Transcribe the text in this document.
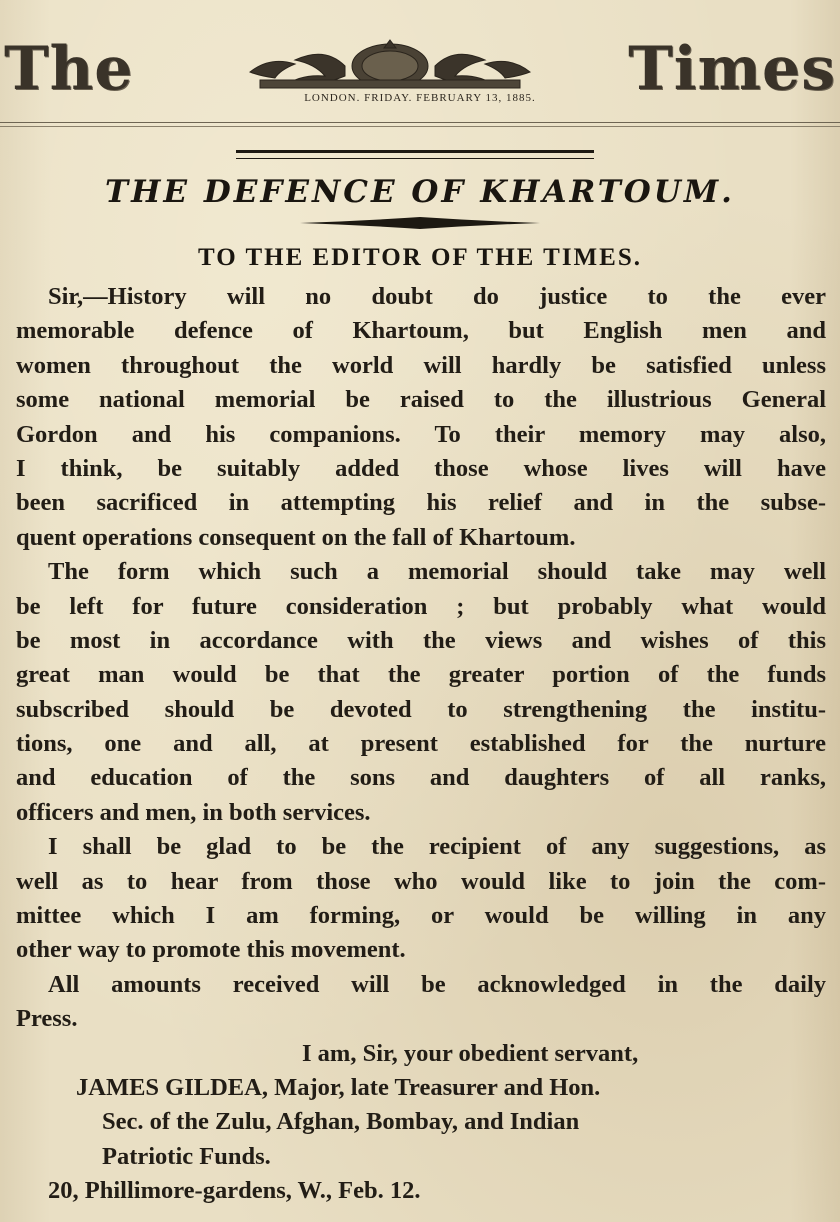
The	Times
LONDON. FRIDAY. FEBRUARY 13, 1885.
THE DEFENCE OF KHARTOUM.
TO THE EDITOR OF THE TIMES.
Sir,—History will no doubt do justice to the ever
memorable defence of Khartoum, but English men and
women throughout the world will hardly be satisfied unless
some national memorial be raised to the illustrious General
Gordon and his companions. To their memory may also,
I think, be suitably added those whose lives will have
been sacrificed in attempting his relief and in the subse-
quent operations consequent on the fall of Khartoum.
The form which such a memorial should take may well
be left for future consideration ; but probably what would
be most in accordance with the views and wishes of this
great man would be that the greater portion of the funds
subscribed should be devoted to strengthening the institu-
tions, one and all, at present established for the nurture
and education of the sons and daughters of all ranks,
officers and men, in both services.
I shall be glad to be the recipient of any suggestions, as
well as to hear from those who would like to join the com-
mittee which I am forming, or would be willing in any
other way to promote this movement.
All amounts received will be acknowledged in the daily
Press.
I am, Sir, your obedient servant,
JAMES GILDEA, Major, late Treasurer and Hon.
Sec. of the Zulu, Afghan, Bombay, and Indian
Patriotic Funds.
20, Phillimore-gardens, W., Feb. 12.
